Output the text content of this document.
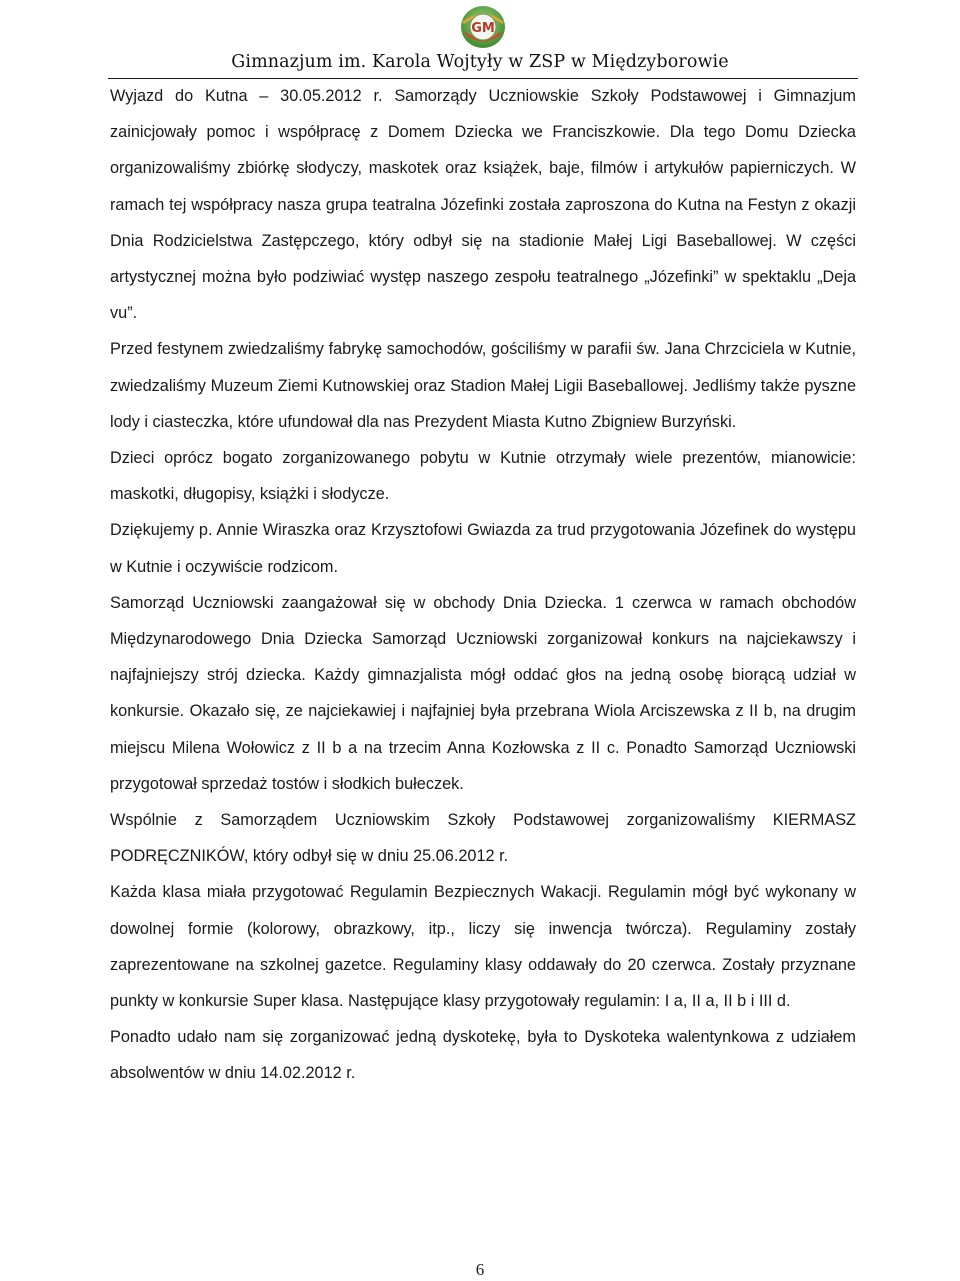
GM
Gimnazjum im. Karola Wojtyły w ZSP w Międzyborowie

Wyjazd do Kutna – 30.05.2012 r. Samorządy Uczniowskie Szkoły Podstawowej i Gimnazjum zainicjowały pomoc i współpracę z Domem Dziecka we Franciszkowie. Dla tego Domu Dziecka organizowaliśmy zbiórkę słodyczy, maskotek oraz książek, baje, filmów i artykułów papierniczych. W ramach tej współpracy nasza grupa teatralna Józefinki została zaproszona do Kutna na Festyn z okazji Dnia Rodzicielstwa Zastępczego, który odbył się na stadionie Małej Ligi Baseballowej. W części artystycznej można było podziwiać występ naszego zespołu teatralnego „Józefinki” w spektaklu „Deja vu”.

Przed festynem zwiedzaliśmy fabrykę samochodów, gościliśmy w parafii św. Jana Chrzciciela w Kutnie, zwiedzaliśmy Muzeum Ziemi Kutnowskiej oraz Stadion Małej Ligii Baseballowej. Jedliśmy także pyszne lody i ciasteczka, które ufundował dla nas Prezydent Miasta Kutno Zbigniew Burzyński.

Dzieci oprócz bogato zorganizowanego pobytu w Kutnie otrzymały wiele prezentów, mianowicie: maskotki, długopisy, książki i słodycze.

Dziękujemy p. Annie Wiraszka oraz Krzysztofowi Gwiazda za trud przygotowania Józefinek do występu w Kutnie i oczywiście rodzicom.

Samorząd Uczniowski zaangażował się w obchody Dnia Dziecka. 1 czerwca w ramach obchodów Międzynarodowego Dnia Dziecka Samorząd Uczniowski zorganizował konkurs na najciekawszy i najfajniejszy strój dziecka. Każdy gimnazjalista mógł oddać głos na jedną osobę biorącą udział w konkursie. Okazało się, ze najciekawiej i najfajniej była przebrana Wiola Arciszewska z II b, na drugim miejscu Milena Wołowicz z II b a na trzecim Anna Kozłowska z II c. Ponadto Samorząd Uczniowski przygotował sprzedaż tostów i słodkich bułeczek.

Wspólnie z Samorządem Uczniowskim Szkoły Podstawowej zorganizowaliśmy KIERMASZ PODRĘCZNIKÓW, który odbył się w dniu 25.06.2012 r.

Każda klasa miała przygotować Regulamin Bezpiecznych Wakacji. Regulamin mógł być wykonany w dowolnej formie (kolorowy, obrazkowy, itp., liczy się inwencja twórcza). Regulaminy zostały zaprezentowane na szkolnej gazetce. Regulaminy klasy oddawały do 20 czerwca. Zostały przyznane punkty w konkursie Super klasa. Następujące klasy przygotowały regulamin: I a, II a, II b i III d.

Ponadto udało nam się zorganizować jedną dyskotekę, była to Dyskoteka walentynkowa z udziałem absolwentów w dniu 14.02.2012 r.

6
